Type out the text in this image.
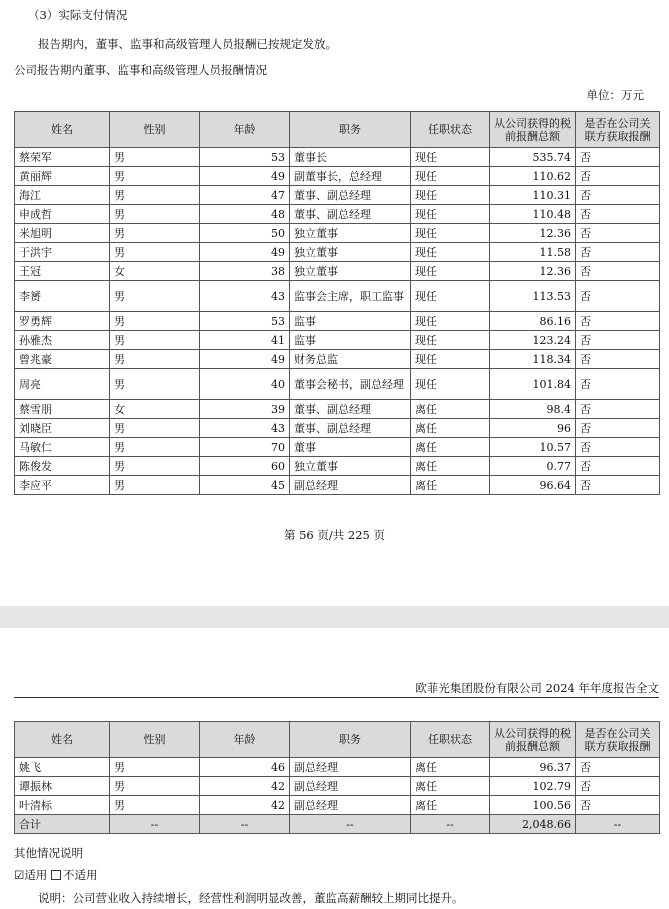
（3）实际支付情况
报告期内，董事、监事和高级管理人员报酬已按规定发放。
公司报告期内董事、监事和高级管理人员报酬情况
单位：万元
姓名	性别	年龄	职务	任职状态	从公司获得的税前报酬总额	是否在公司关联方获取报酬
蔡荣军	男	53	董事长	现任	535.74	否
黄丽辉	男	49	副董事长，总经理	现任	110.62	否
海江	男	47	董事、副总经理	现任	110.31	否
申成哲	男	48	董事、副总经理	现任	110.48	否
米旭明	男	50	独立董事	现任	12.36	否
于洪宇	男	49	独立董事	现任	11.58	否
王冠	女	38	独立董事	现任	12.36	否
李赟	男	43	监事会主席，职工监事	现任	113.53	否
罗勇辉	男	53	监事	现任	86.16	否
孙雅杰	男	41	监事	现任	123.24	否
曾兆豪	男	49	财务总监	现任	118.34	否
周亮	男	40	董事会秘书，副总经理	现任	101.84	否
蔡雪朋	女	39	董事、副总经理	离任	98.4	否
刘晓臣	男	43	董事、副总经理	离任	96	否
马敏仁	男	70	董事	离任	10.57	否
陈俊发	男	60	独立董事	离任	0.77	否
李应平	男	45	副总经理	离任	96.64	否
第 56 页/共 225 页
欧菲光集团股份有限公司 2024 年年度报告全文
姓名	性别	年龄	职务	任职状态	从公司获得的税前报酬总额	是否在公司关联方获取报酬
姚飞	男	46	副总经理	离任	96.37	否
谭振林	男	42	副总经理	离任	102.79	否
叶清标	男	42	副总经理	离任	100.56	否
合计	--	--	--	--	2,048.66	--
其他情况说明
☑适用 不适用
说明：公司营业收入持续增长，经营性利润明显改善，董监高薪酬较上期同比提升。
